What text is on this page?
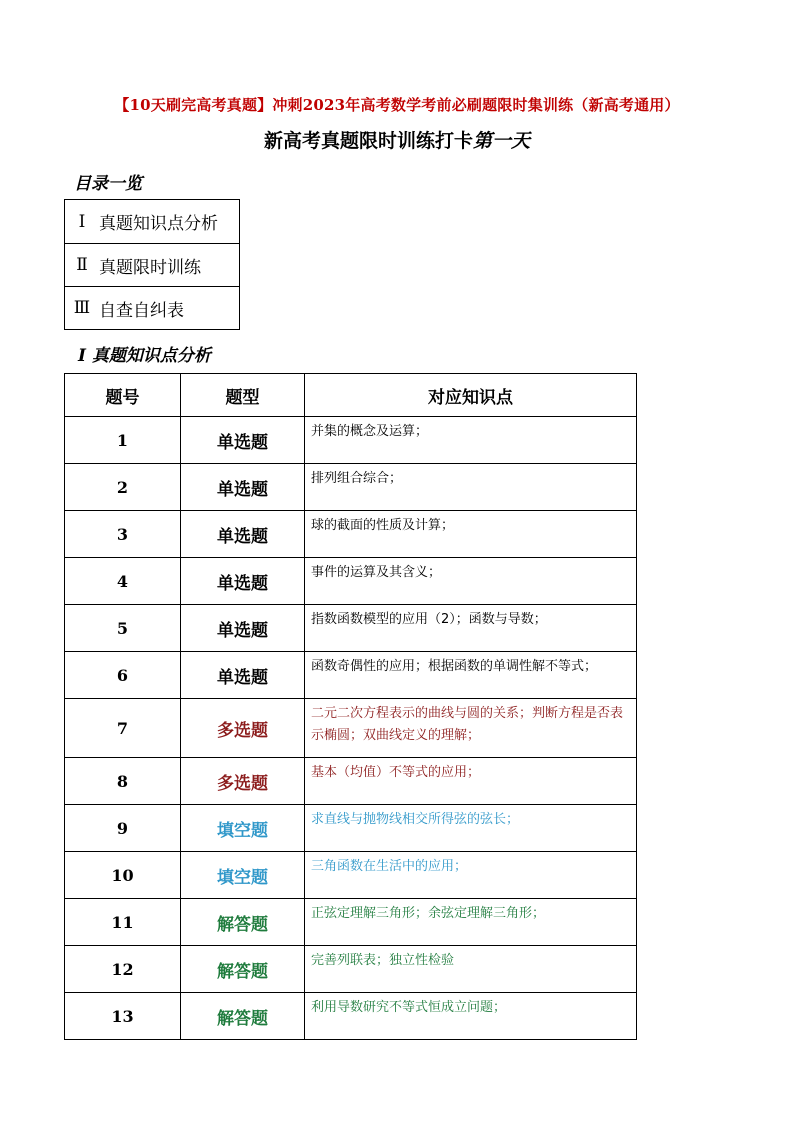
【10天刷完高考真题】冲刺2023年高考数学考前必刷题限时集训练（新高考通用）
新高考真题限时训练打卡第一天
目录一览
Ⅰ 真题知识点分析
Ⅱ 真题限时训练
Ⅲ 自查自纠表
Ⅰ 真题知识点分析
题号	题型	对应知识点
1	单选题	并集的概念及运算；
2	单选题	排列组合综合；
3	单选题	球的截面的性质及计算；
4	单选题	事件的运算及其含义；
5	单选题	指数函数模型的应用（2）；函数与导数；
6	单选题	函数奇偶性的应用；根据函数的单调性解不等式；
7	多选题	二元二次方程表示的曲线与圆的关系；判断方程是否表示椭圆；双曲线定义的理解；
8	多选题	基本（均值）不等式的应用；
9	填空题	求直线与抛物线相交所得弦的弦长；
10	填空题	三角函数在生活中的应用；
11	解答题	正弦定理解三角形；余弦定理解三角形；
12	解答题	完善列联表；独立性检验
13	解答题	利用导数研究不等式恒成立问题；
